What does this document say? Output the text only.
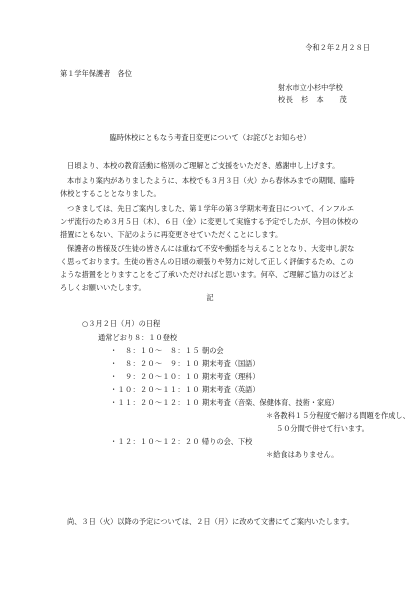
令和２年２月２８日
第１学年保護者　各位
射水市立小杉中学校
校長　杉　本　　茂
臨時休校にともなう考査日変更について（お詫びとお知らせ）

日頃より、本校の教育活動に格別のご理解とご支援をいただき、感謝申し上げます。

本市より案内がありましたように、本校でも３月３日（火）から春休みまでの期間、臨時休校とすることとなりました。

つきましては、先日ご案内しました、第１学年の第３学期末考査日について、インフルエンザ流行のため３月５日（木）、６日（金）に変更して実施する予定でしたが、今回の休校の措置にともない、下記のように再変更させていただくことにします。

保護者の皆様及び生徒の皆さんには重ねて不安や動揺を与えることとなり、大変申し訳なく思っております。生徒の皆さんの日頃の頑張りや努力に対して正しく評価するため、このような措置をとりますことをご了承いただければと思います。何卒、ご理解ご協力のほどよろしくお願いいたします。

記
○３月２日（月）の日程
通常どおり８：１０登校
・　８：１０～　８：１５ 朝の会
・　８：２０～　９：１０ 期末考査（国語）
・　９：２０～１０：１０ 期末考査（理科）
・１０：２０～１１：１０ 期末考査（英語）
・１１：２０～１２：１０ 期末考査（音楽、保健体育、技術・家庭）
＊各教科１５分程度で解ける問題を作成し、
５０分間で併せて行います。
・１２：１０～１２：２０ 帰りの会、下校
＊給食はありません。

尚、３日（火）以降の予定については、２日（月）に改めて文書にてご案内いたします。
